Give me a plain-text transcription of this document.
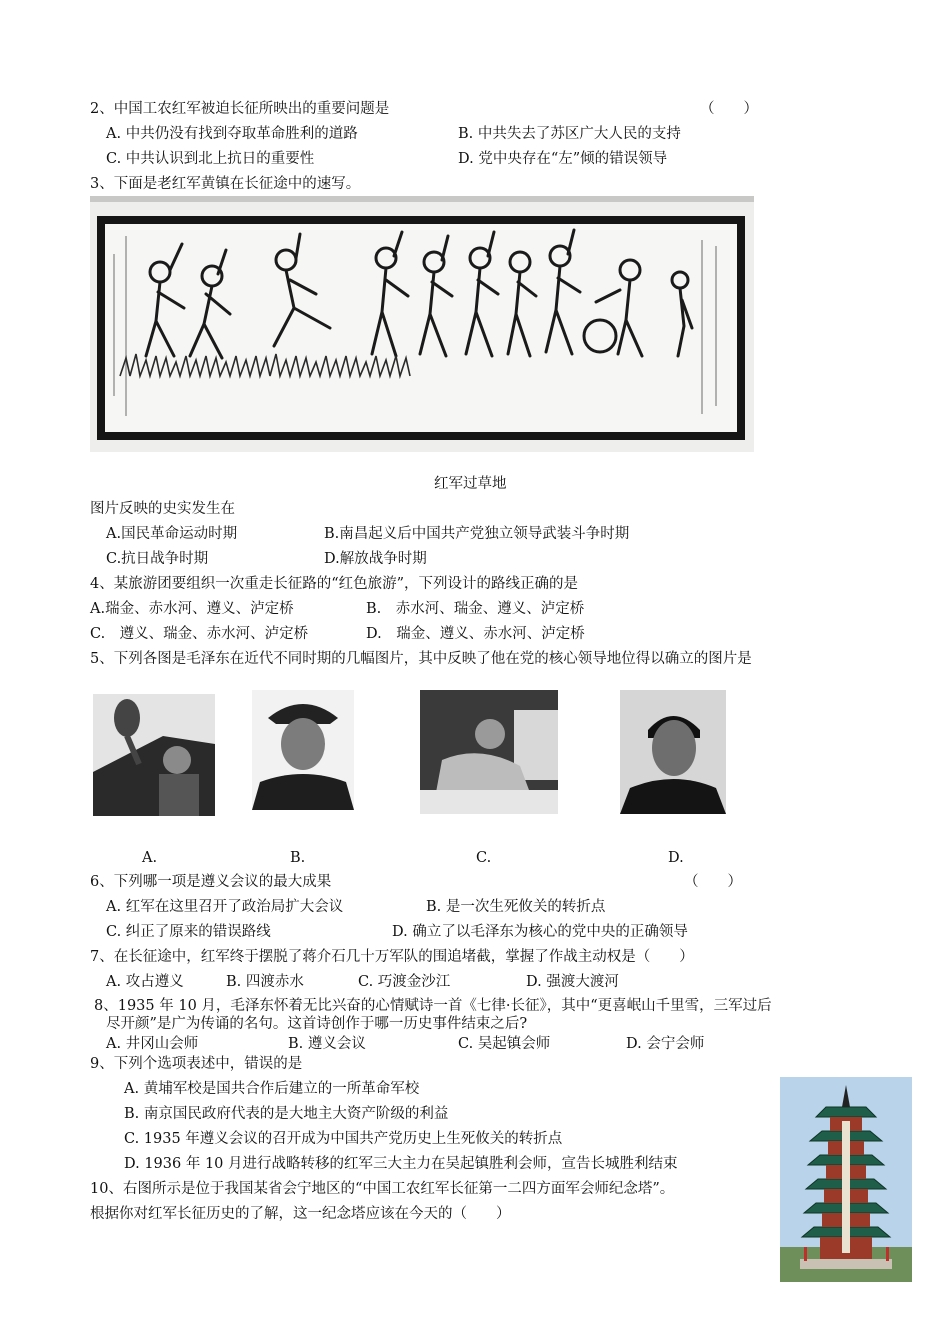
2、中国工农红军被迫长征所映出的重要问题是	（　　）
A. 中共仍没有找到夺取革命胜利的道路	B. 中共失去了苏区广大人民的支持
C. 中共认识到北上抗日的重要性	D. 党中央存在“左”倾的错误领导
3、下面是老红军黄镇在长征途中的速写。
红军过草地
图片反映的史实发生在
A.国民革命运动时期	B.南昌起义后中国共产党独立领导武装斗争时期
C.抗日战争时期	D.解放战争时期
4、某旅游团要组织一次重走长征路的“红色旅游”，下列设计的路线正确的是
A.瑞金、赤水河、遵义、泸定桥	B.　赤水河、瑞金、遵义、泸定桥
C.　遵义、瑞金、赤水河、泸定桥	D.　瑞金、遵义、赤水河、泸定桥
5、下列各图是毛泽东在近代不同时期的几幅图片，其中反映了他在党的核心领导地位得以确立的图片是
A.	B.	C.	D.
6、下列哪一项是遵义会议的最大成果	（　　）
A. 红军在这里召开了政治局扩大会议	B. 是一次生死攸关的转折点
C. 纠正了原来的错误路线	D. 确立了以毛泽东为核心的党中央的正确领导
7、在长征途中，红军终于摆脱了蒋介石几十万军队的围追堵截，掌握了作战主动权是（　　）
A. 攻占遵义	B. 四渡赤水	C. 巧渡金沙江	D. 强渡大渡河
8、1935 年 10 月，毛泽东怀着无比兴奋的心情赋诗一首《七律·长征》，其中“更喜岷山千里雪，三军过后
尽开颜”是广为传诵的名句。这首诗创作于哪一历史事件结束之后?
A. 井冈山会师	B. 遵义会议	C. 吴起镇会师	D. 会宁会师
9、下列个选项表述中，错误的是
A. 黄埔军校是国共合作后建立的一所革命军校
B. 南京国民政府代表的是大地主大资产阶级的利益
C. 1935 年遵义会议的召开成为中国共产党历史上生死攸关的转折点
D. 1936 年 10 月进行战略转移的红军三大主力在吴起镇胜利会师，宣告长城胜利结束
10、右图所示是位于我国某省会宁地区的“中国工农红军长征第一二四方面军会师纪念塔”。
根据你对红军长征历史的了解，这一纪念塔应该在今天的（　　）
